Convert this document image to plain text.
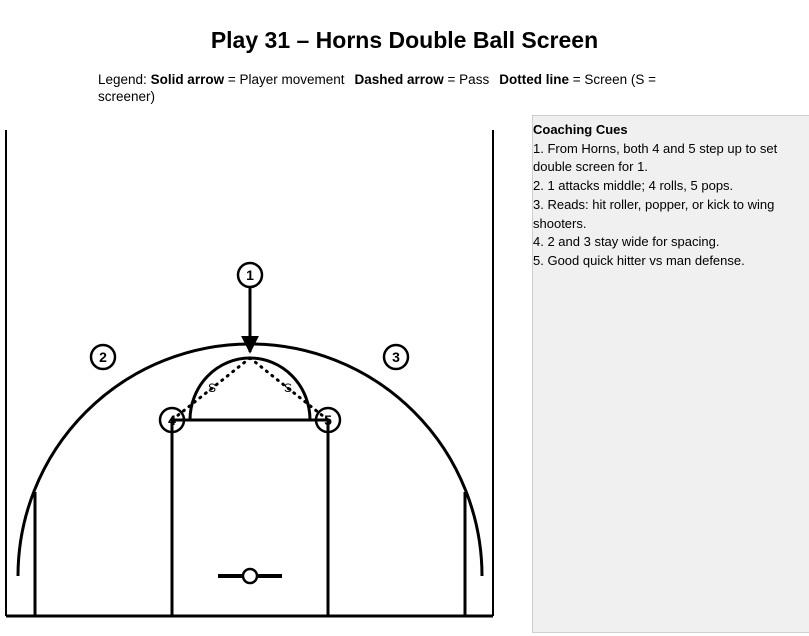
Play 31 – Horns Double Ball Screen
Legend: Solid arrow = Player movement Dashed arrow = Pass Dotted line = Screen (S = screener)
S	S
1
2	3
4	5
Coaching Cues
1. From Horns, both 4 and 5 step up to set double screen for 1.
2. 1 attacks middle; 4 rolls, 5 pops.
3. Reads: hit roller, popper, or kick to wing shooters.
4. 2 and 3 stay wide for spacing.
5. Good quick hitter vs man defense.
